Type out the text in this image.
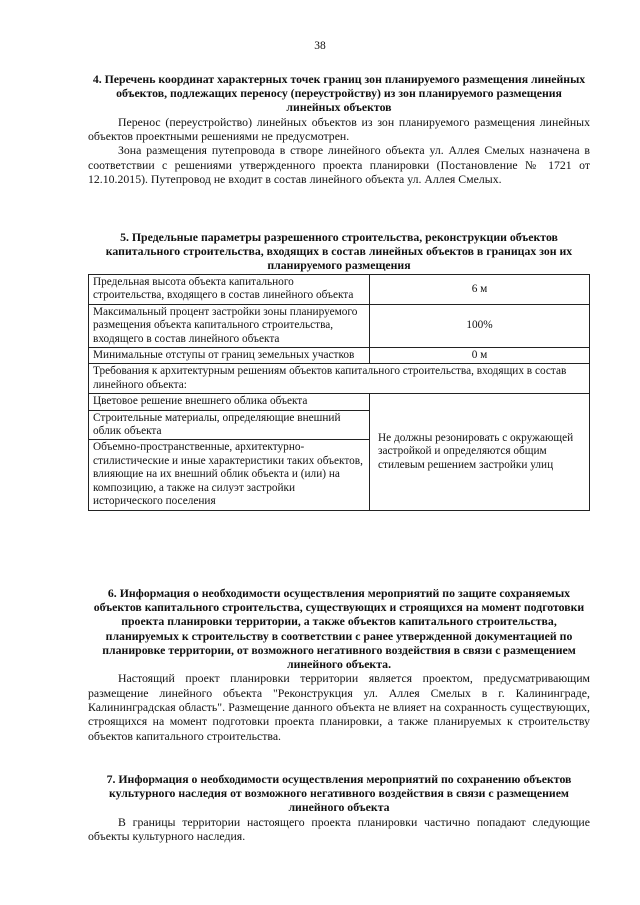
38

4. Перечень координат характерных точек границ зон планируемого размещения линейных объектов, подлежащих переносу (переустройству) из зон планируемого размещения линейных объектов

Перенос (переустройство) линейных объектов из зон планируемого размещения линейных объектов проектными решениями не предусмотрен.

Зона размещения путепровода в створе линейного объекта ул. Аллея Смелых назначена в соответствии с решениями утвержденного проекта планировки (Постановление № 1721 от 12.10.2015). Путепровод не входит в состав линейного объекта ул. Аллея Смелых.

5. Предельные параметры разрешенного строительства, реконструкции объектов капитального строительства, входящих в состав линейных объектов в границах зон их планируемого размещения

Предельная высота объекта капитального строительства, входящего в состав линейного объекта	6 м
Максимальный процент застройки зоны планируемого размещения объекта капитального строительства, входящего в состав линейного объекта	100%
Минимальные отступы от границ земельных участков	0 м
Требования к архитектурным решениям объектов капитального строительства, входящих в состав линейного объекта:	
Цветовое решение внешнего облика объекта	Не должны резонировать с окружающей застройкой и определяются общим стилевым решением застройки улиц
Строительные материалы, определяющие внешний облик объекта	
Объемно-пространственные, архитектурно-стилистические и иные характеристики таких объектов, влияющие на их внешний облик объекта и (или) на композицию, а также на силуэт застройки исторического поселения	

6. Информация о необходимости осуществления мероприятий по защите сохраняемых объектов капитального строительства, существующих и строящихся на момент подготовки проекта планировки территории, а также объектов капитального строительства, планируемых к строительству в соответствии с ранее утвержденной документацией по планировке территории, от возможного негативного воздействия в связи с размещением линейного объекта.

Настоящий проект планировки территории является проектом, предусматривающим размещение линейного объекта "Реконструкция ул. Аллея Смелых в г. Калининграде, Калининградская область". Размещение данного объекта не влияет на сохранность существующих, строящихся на момент подготовки проекта планировки, а также планируемых к строительству объектов капитального строительства.

7. Информация о необходимости осуществления мероприятий по сохранению объектов культурного наследия от возможного негативного воздействия в связи с размещением линейного объекта

В границы территории настоящего проекта планировки частично попадают следующие объекты культурного наследия.
